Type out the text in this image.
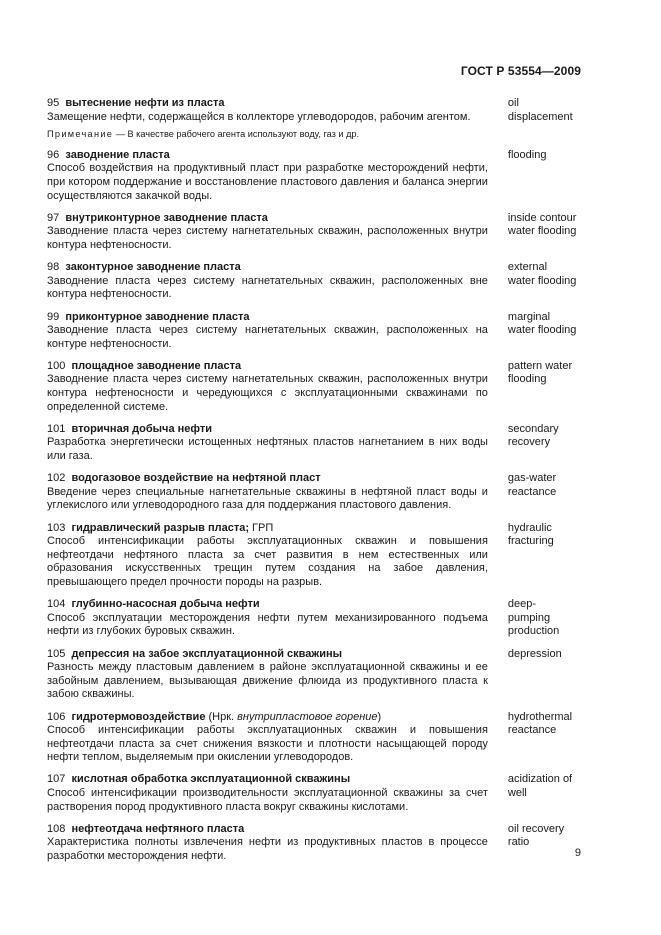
ГОСТ Р 53554—2009
95 вытеснение нефти из пласта
Замещение нефти, содержащейся в коллекторе углеводородов, рабочим агентом.
Примечание — В качестве рабочего агента используют воду, газ и др.
oil
displacement
96 заводнение пласта
Способ воздействия на продуктивный пласт при разработке месторождений нефти, при котором поддержание и восстановление пластового давления и баланса энергии осуществляются закачкой воды.
flooding
97 внутриконтурное заводнение пласта
Заводнение пласта через систему нагнетательных скважин, расположенных внутри контура нефтеносности.
inside contour
water flooding
98 законтурное заводнение пласта
Заводнение пласта через систему нагнетательных скважин, расположенных вне контура нефтеносности.
external
water flooding
99 приконтурное заводнение пласта
Заводнение пласта через систему нагнетательных скважин, расположенных на контуре нефтеносности.
marginal
water flooding
100 площадное заводнение пласта
Заводнение пласта через систему нагнетательных скважин, расположенных внутри контура нефтеносности и чередующихся с эксплуатационными скважинами по определенной системе.
pattern water
flooding
101 вторичная добыча нефти
Разработка энергетически истощенных нефтяных пластов нагнетанием в них воды или газа.
secondary
recovery
102 водогазовое воздействие на нефтяной пласт
Введение через специальные нагнетательные скважины в нефтяной пласт воды и углекислого или углеводородного газа для поддержания пластового давления.
gas-water
reactance
103 гидравлический разрыв пласта; ГРП
Способ интенсификации работы эксплуатационных скважин и повышения нефтеотдачи нефтяного пласта за счет развития в нем естественных или образования искусственных трещин путем создания на забое давления, превышающего предел прочности породы на разрыв.
hydraulic
fracturing
104 глубинно-насосная добыча нефти
Способ эксплуатации месторождения нефти путем механизированного подъема нефти из глубоких буровых скважин.
deep-
pumping
production
105 депрессия на забое эксплуатационной скважины
Разность между пластовым давлением в районе эксплуатационной скважины и ее забойным давлением, вызывающая движение флюида из продуктивного пласта к забою скважины.
depression
106 гидротермовоздействие (Нрк. внутрипластовое горение)
Способ интенсификации работы эксплуатационных скважин и повышения нефтеотдачи пласта за счет снижения вязкости и плотности насыщающей породу нефти теплом, выделяемым при окислении углеводородов.
hydrothermal
reactance
107 кислотная обработка эксплуатационной скважины
Способ интенсификации производительности эксплуатационной скважины за счет растворения пород продуктивного пласта вокруг скважины кислотами.
acidization of
well
108 нефтеотдача нефтяного пласта
Характеристика полноты извлечения нефти из продуктивных пластов в процессе разработки месторождения нефти.
oil recovery
ratio
9
